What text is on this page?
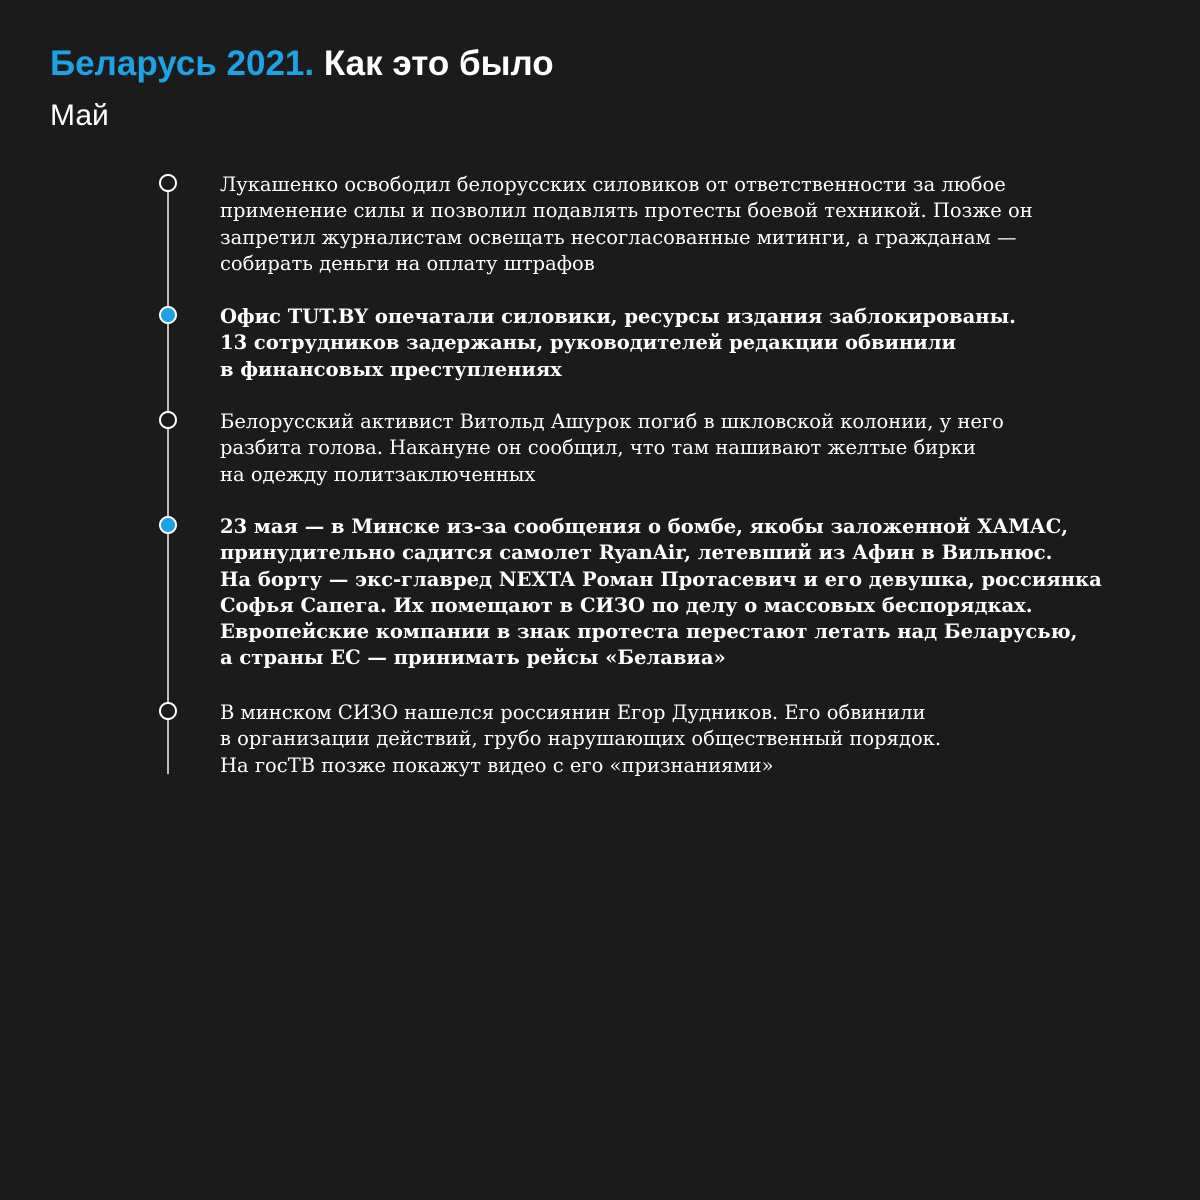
Беларусь 2021. Как это было
Май

Лукашенко освободил белорусских силовиков от ответственности за любое
применение силы и позволил подавлять протесты боевой техникой. Позже он
запретил журналистам освещать несогласованные митинги, а гражданам —
собирать деньги на оплату штрафов

Офис TUT.BY опечатали силовики, ресурсы издания заблокированы.
13 сотрудников задержаны, руководителей редакции обвинили
в финансовых преступлениях

Белорусский активист Витольд Ашурок погиб в шкловской колонии, у него
разбита голова. Накануне он сообщил, что там нашивают желтые бирки
на одежду политзаключенных

23 мая — в Минске из-за сообщения о бомбе, якобы заложенной ХАМАС,
принудительно садится самолет RyanAir, летевший из Афин в Вильнюс.
На борту — экс-главред NEXTA Роман Протасевич и его девушка, россиянка
Софья Сапега. Их помещают в СИЗО по делу о массовых беспорядках.
Европейские компании в знак протеста перестают летать над Беларусью,
а страны ЕС — принимать рейсы «Белавиа»

В минском СИЗО нашелся россиянин Егор Дудников. Его обвинили
в организации действий, грубо нарушающих общественный порядок.
На госТВ позже покажут видео с его «признаниями»
